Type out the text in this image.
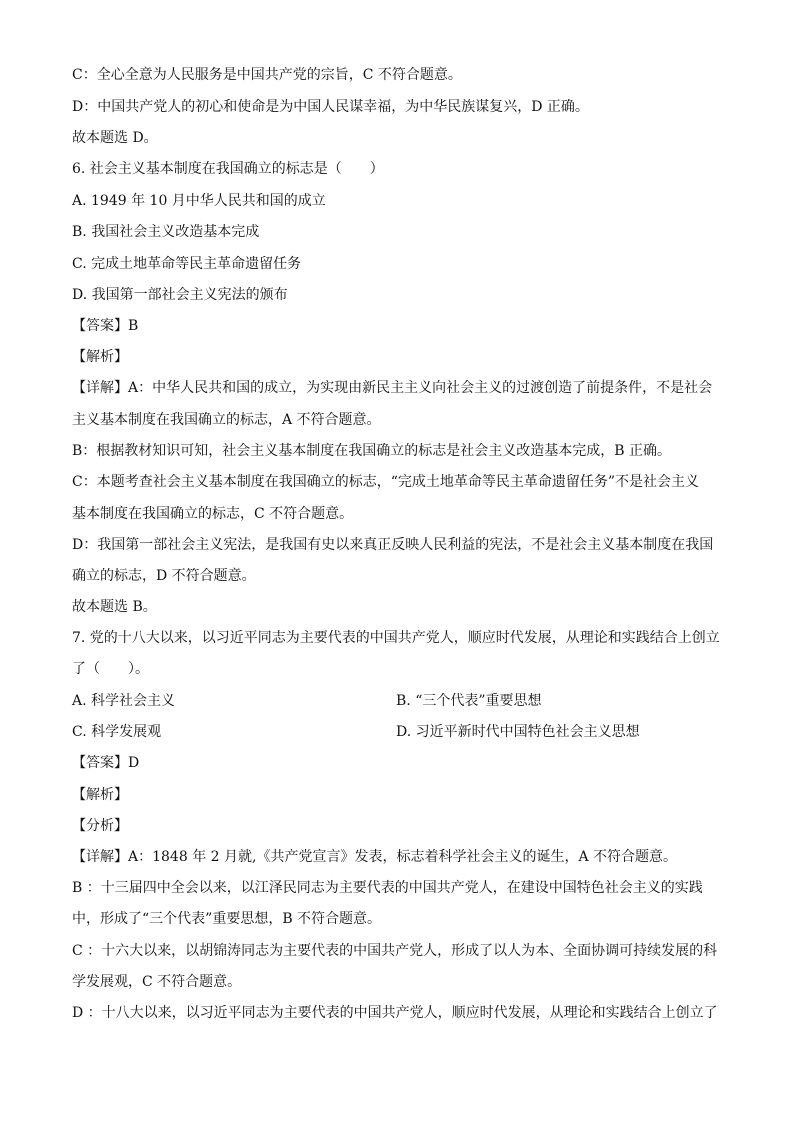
C：全心全意为人民服务是中国共产党的宗旨，C 不符合题意。
D：中国共产党人的初心和使命是为中国人民谋幸福，为中华民族谋复兴，D 正确。
故本题选 D。
6. 社会主义基本制度在我国确立的标志是（　　）
A. 1949 年 10 月中华人民共和国的成立
B. 我国社会主义改造基本完成
C. 完成土地革命等民主革命遗留任务
D. 我国第一部社会主义宪法的颁布
【答案】B
【解析】
【详解】A：中华人民共和国的成立，为实现由新民主主义向社会主义的过渡创造了前提条件，不是社会
主义基本制度在我国确立的标志，A 不符合题意。
B：根据教材知识可知，社会主义基本制度在我国确立的标志是社会主义改造基本完成，B 正确。
C：本题考查社会主义基本制度在我国确立的标志，“完成土地革命等民主革命遗留任务”不是社会主义
基本制度在我国确立的标志，C 不符合题意。
D：我国第一部社会主义宪法，是我国有史以来真正反映人民利益的宪法，不是社会主义基本制度在我国
确立的标志，D 不符合题意。
故本题选 B。
7. 党的十八大以来，以习近平同志为主要代表的中国共产党人，顺应时代发展，从理论和实践结合上创立
了（　　）。
A. 科学社会主义	B. “三个代表”重要思想
C. 科学发展观	D. 习近平新时代中国特色社会主义思想
【答案】D
【解析】
【分析】
【详解】A：1848 年 2 月就,《共产党宣言》发表，标志着科学社会主义的诞生，A 不符合题意。
B ：十三届四中全会以来，以江泽民同志为主要代表的中国共产党人，在建设中国特色社会主义的实践
中，形成了“三个代表”重要思想，B 不符合题意。
C ：十六大以来，以胡锦涛同志为主要代表的中国共产党人，形成了以人为本、全面协调可持续发展的科
学发展观，C 不符合题意。
D ：十八大以来，以习近平同志为主要代表的中国共产党人，顺应时代发展，从理论和实践结合上创立了
